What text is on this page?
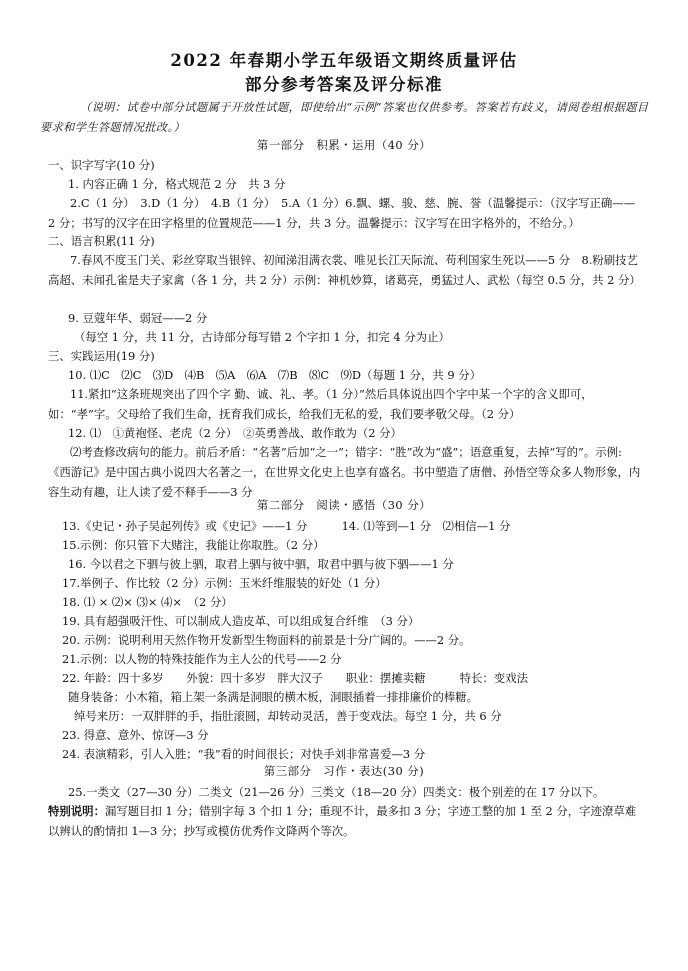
2022 年春期小学五年级语文期终质量评估
部分参考答案及评分标准
（说明：试卷中部分试题属于开放性试题，即使给出“示例”答案也仅供参考。答案若有歧义，请阅卷组根据题目要求和学生答题情况批改。）
第一部分　积累・运用（40 分）
一、识字写字(10 分)
1. 内容正确 1 分，格式规范 2 分　共 3 分
2.C（1 分）　3.D（1 分）　4.B（1 分）　5.A（1 分）6.飘、螺、骏、慈、腕、誉（温馨提示：（汉字写正确——2 分；书写的汉字在田字格里的位置规范——1 分，共 3 分。温馨提示：汉字写在田字格外的，不给分。）
二、语言积累(11 分)
7.春风不度玉门关、彩丝穿取当银锌、初闻涕泪满衣裳、唯见长江天际流、苟利国家生死以——5 分　8.粉刷技艺高超、未闻孔雀是夫子家禽（各 1 分，共 2 分）示例：神机妙算，诸葛亮，勇猛过人、武松（每空 0.5 分，共 2 分）
9. 豆蔻年华、弱冠——2 分
（每空 1 分，共 11 分，古诗部分每写错 2 个字扣 1 分，扣完 4 分为止）
三、实践运用(19 分)
10. ⑴C　⑵C　⑶D　⑷B　⑸A　⑹A　⑺B　⑻C　⑼D（每题 1 分，共 9 分）
11.紧扣“这条班规突出了四个字 勤、诚、礼、孝。（1 分）”然后具体说出四个字中某一个字的含义即可，如：“孝”字。父母给了我们生命，抚育我们成长，给我们无私的爱，我们要孝敬父母。（2 分）
12. ⑴　①黄袍怪、老虎（2 分）　②英勇善战、敢作敢为（2 分）
⑵考查修改病句的能力。前后矛盾：“名著”后加“之一”；错字：“胜”改为“盛”；语意重复，去掉“写的”。示例:《西游记》是中国古典小说四大名著之一，在世界文化史上也享有盛名。书中塑造了唐僧、孙悟空等众多人物形象，内容生动有趣，让人读了爱不释手——3 分
第二部分　阅读・感悟（30 分）
13.《史记・孙子吴起列传》或《史记》——1 分　　　14. ⑴等到—1 分　⑵相信—1 分
15.示例：你只管下大赌注，我能让你取胜。（2 分）
16. 今以君之下驷与彼上驷，取君上驷与彼中驷，取君中驷与彼下驷——1 分
17.举例子、作比较（2 分）示例：玉米纤维服装的好处（1 分）
18. ⑴ × ⑵× ⑶× ⑷×　（2 分）
19. 具有超强吸汗性、可以制成人造皮革、可以组成复合纤维　（3 分）
20. 示例：说明利用天然作物开发新型生物面料的前景是十分广阔的。——2 分。
21.示例：以人物的特殊技能作为主人公的代号——2 分
22. 年龄：四十多岁　　外貌：四十多岁　胖大汉子　　职业：摆摊卖糖　　　特长：变戏法
随身装备：小木箱，箱上架一条满是洞眼的横木板，洞眼插着一排排廉价的棒糖。
绰号来历：一双胖胖的手，指肚滚圆，却转动灵活，善于变戏法。每空 1 分，共 6 分
23. 得意、意外、惊讶—3 分
24. 表演精彩，引人入胜；“我”看的时间很长；对快手刘非常喜爱—3 分
第三部分　习作・表达(30 分)
25.一类文（27—30 分）二类文（21—26 分）三类文（18—20 分）四类文：极个别差的在 17 分以下。
特别说明：漏写题目扣 1 分；错别字每 3 个扣 1 分；重现不计，最多扣 3 分；字迹工整的加 1 至 2 分，字迹潦草难以辨认的酌情扣 1—3 分；抄写或模仿优秀作文降两个等次。
